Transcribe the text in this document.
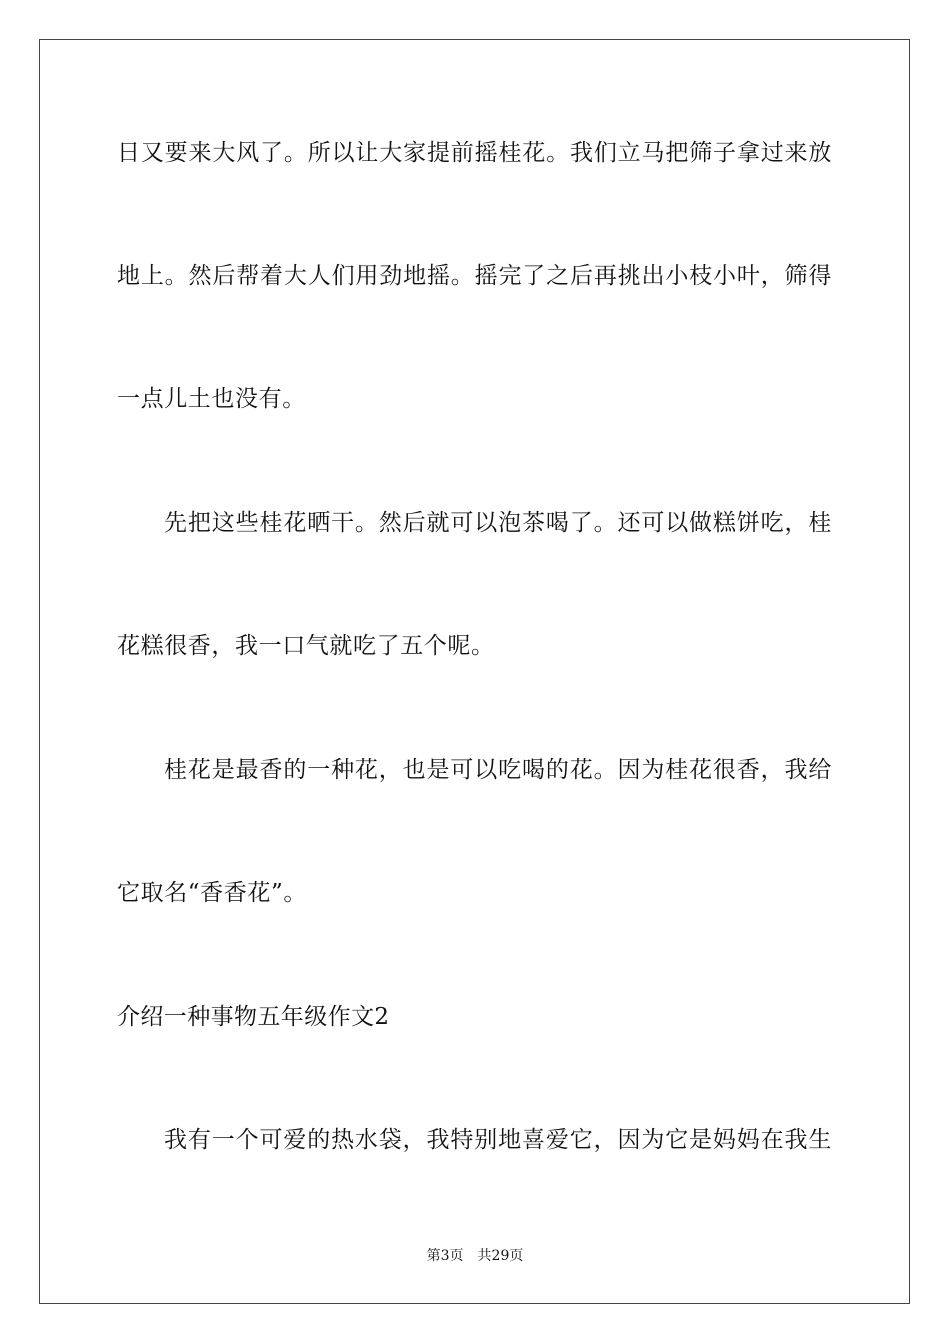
日又要来大风了。所以让大家提前摇桂花。我们立马把筛子拿过来放
地上。然后帮着大人们用劲地摇。摇完了之后再挑出小枝小叶，筛得
一点儿土也没有。
先把这些桂花晒干。然后就可以泡茶喝了。还可以做糕饼吃，桂
花糕很香，我一口气就吃了五个呢。
桂花是最香的一种花，也是可以吃喝的花。因为桂花很香，我给
它取名“香香花”。
介绍一种事物五年级作文2
我有一个可爱的热水袋，我特别地喜爱它，因为它是妈妈在我生
第3页 共29页
